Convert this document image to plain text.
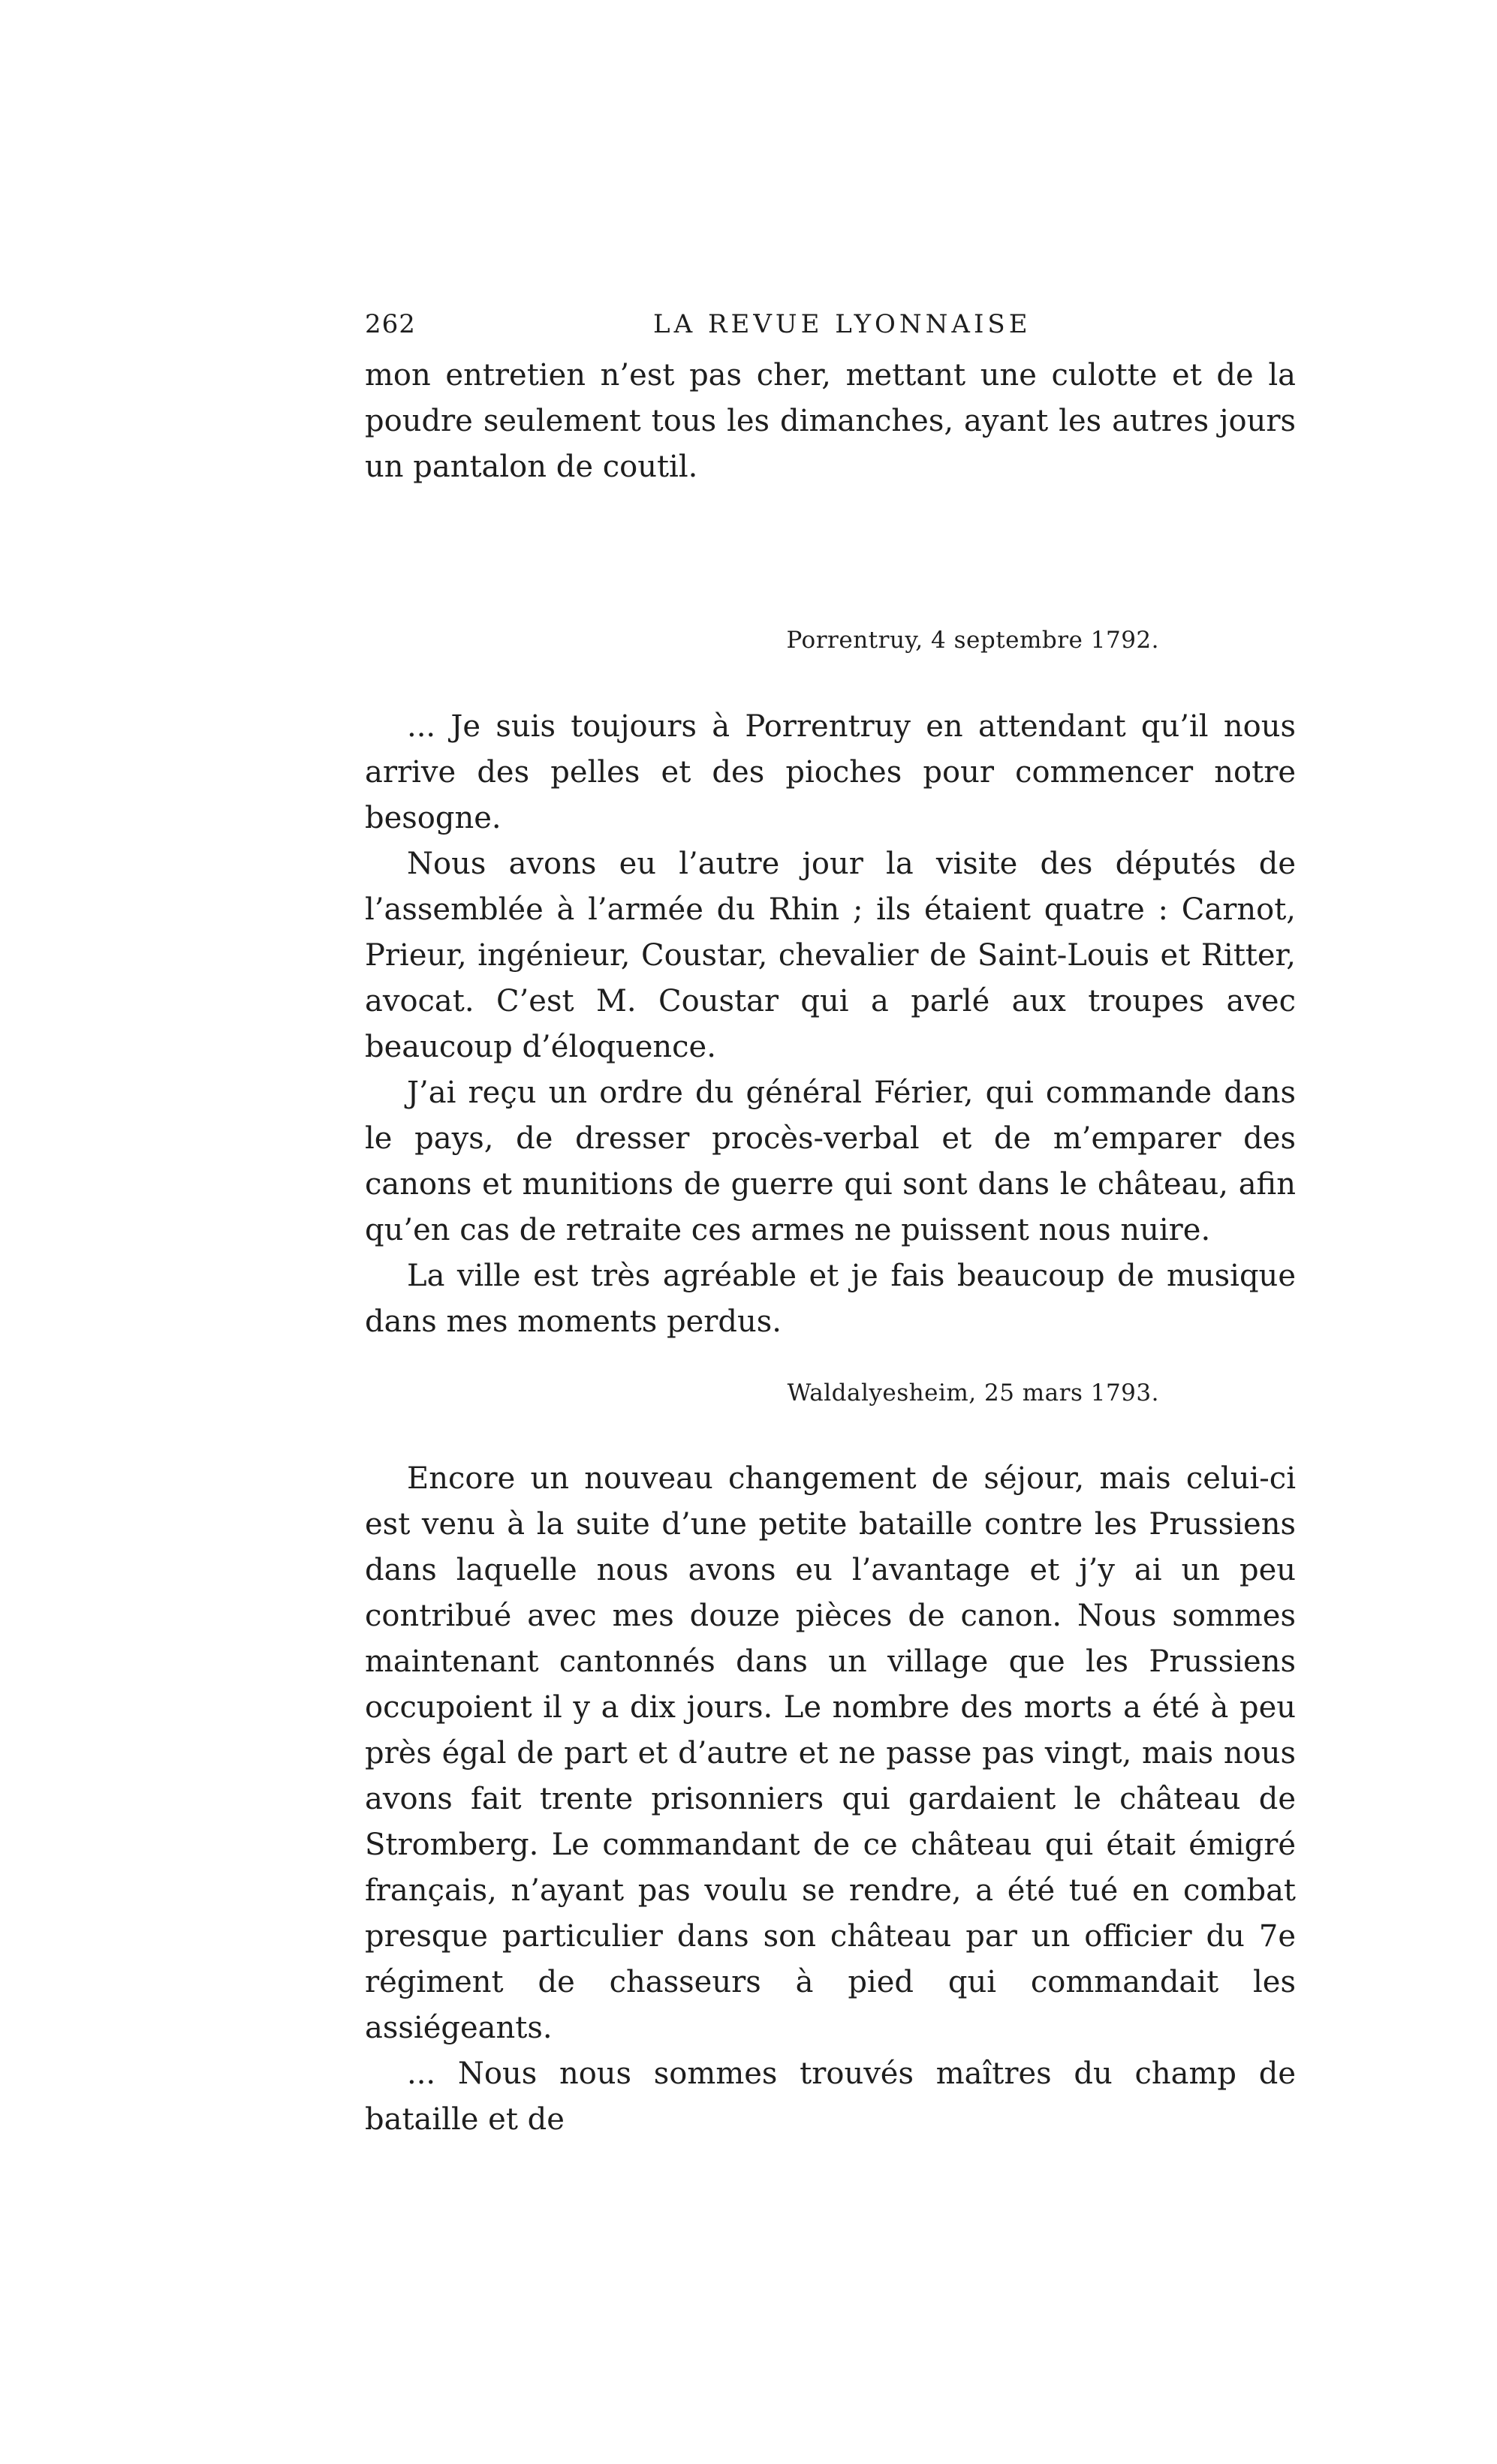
262	LA REVUE LYONNAISE

mon entretien n’est pas cher, mettant une culotte et de la poudre seulement tous les dimanches, ayant les autres jours un pantalon de coutil.

Porrentruy, 4 septembre 1792.

... Je suis toujours à Porrentruy en attendant qu’il nous arrive des pelles et des pioches pour commencer notre besogne.

Nous avons eu l’autre jour la visite des députés de l’assemblée à l’armée du Rhin ; ils étaient quatre : Carnot, Prieur, ingénieur, Coustar, chevalier de Saint-Louis et Ritter, avocat. C’est M. Coustar qui a parlé aux troupes avec beaucoup d’éloquence.

J’ai reçu un ordre du général Férier, qui commande dans le pays, de dresser procès-verbal et de m’emparer des canons et munitions de guerre qui sont dans le château, afin qu’en cas de retraite ces armes ne puissent nous nuire.

La ville est très agréable et je fais beaucoup de musique dans mes moments perdus.

Waldalyesheim, 25 mars 1793.

Encore un nouveau changement de séjour, mais celui-ci est venu à la suite d’une petite bataille contre les Prussiens dans laquelle nous avons eu l’avantage et j’y ai un peu contribué avec mes douze pièces de canon. Nous sommes maintenant cantonnés dans un village que les Prussiens occupoient il y a dix jours. Le nombre des morts a été à peu près égal de part et d’autre et ne passe pas vingt, mais nous avons fait trente prisonniers qui gardaient le château de Stromberg. Le commandant de ce château qui était émigré français, n’ayant pas voulu se rendre, a été tué en combat presque particulier dans son château par un officier du 7e régiment de chasseurs à pied qui commandait les assiégeants.

... Nous nous sommes trouvés maîtres du champ de bataille et de
